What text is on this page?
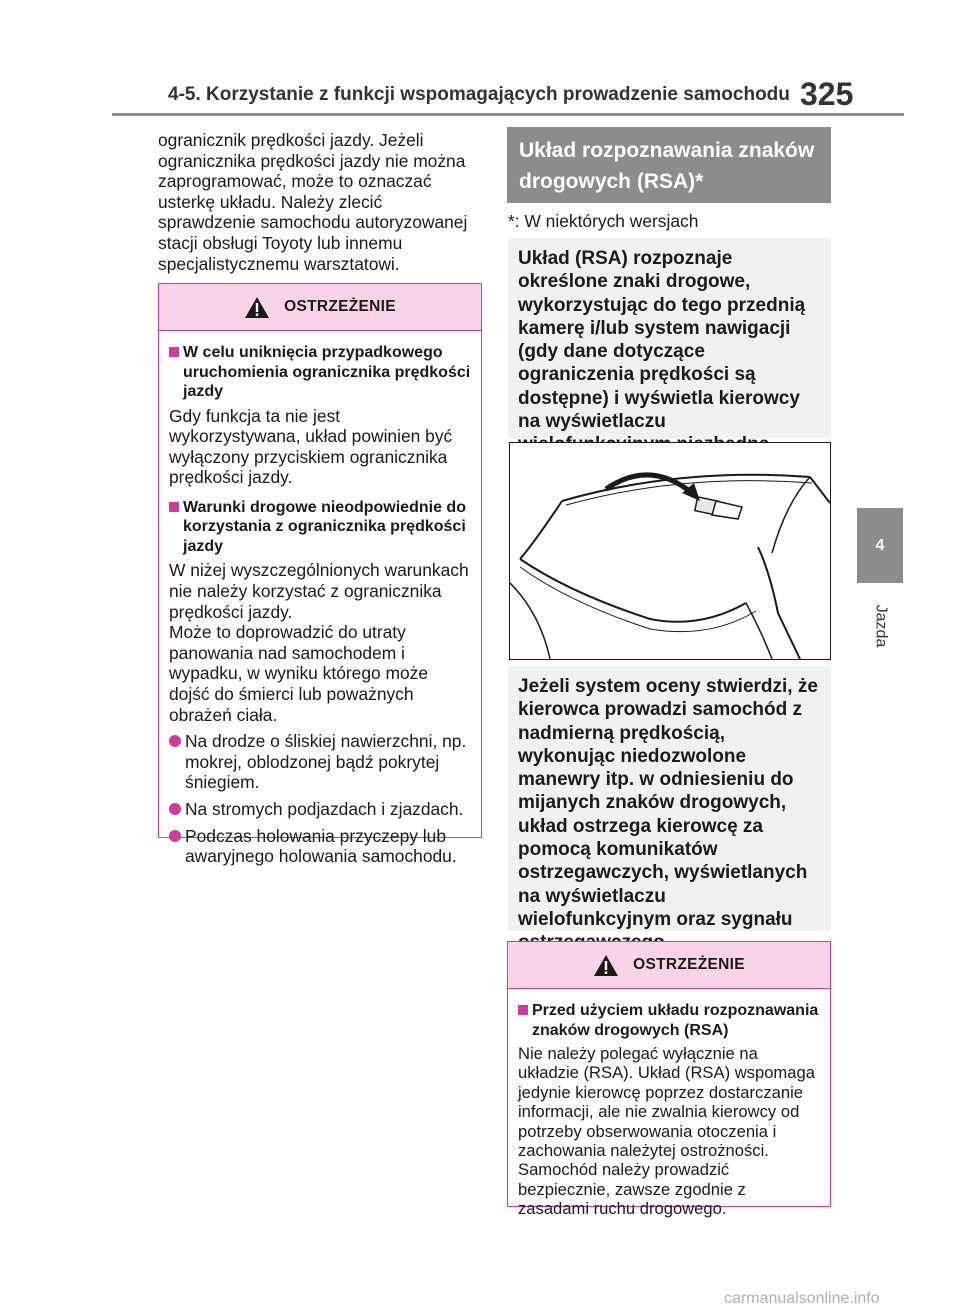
4-5. Korzystanie z funkcji wspomagających prowadzenie samochodu 325
4
Jazda
ogranicznik prędkości jazdy. Jeżeli ogranicznika prędkości jazdy nie można zaprogramować, może to oznaczać usterkę układu. Należy zlecić sprawdzenie samochodu autoryzowanej stacji obsługi Toyoty lub innemu specjalistycznemu warsztatowi.
OSTRZEŻENIE
W celu uniknięcia przypadkowego uruchomienia ogranicznika prędkości jazdy
Gdy funkcja ta nie jest wykorzystywana, układ powinien być wyłączony przyciskiem ogranicznika prędkości jazdy.
Warunki drogowe nieodpowiednie do korzystania z ogranicznika prędkości jazdy
W niżej wyszczególnionych warunkach nie należy korzystać z ogranicznika prędkości jazdy.
Może to doprowadzić do utraty panowania nad samochodem i wypadku, w wyniku którego może dojść do śmierci lub poważnych obrażeń ciała.
Na drodze o śliskiej nawierzchni, np. mokrej, oblodzonej bądź pokrytej śniegiem.
Na stromych podjazdach i zjazdach.
Podczas holowania przyczepy lub awaryjnego holowania samochodu.
Układ rozpoznawania znaków drogowych (RSA)*
*: W niektórych wersjach
Układ (RSA) rozpoznaje określone znaki drogowe, wykorzystując do tego przednią kamerę i/lub system nawigacji (gdy dane dotyczące ograniczenia prędkości są dostępne) i wyświetla kierowcy na wyświetlaczu
Jeżeli system oceny stwierdzi, że kierowca prowadzi samochód z nadmierną prędkością, wykonując niedozwolone manewry itp. w odniesieniu do mijanych znaków drogowych, układ ostrzega kierowcę za pomocą komunikatów ostrzegawczych, wyświetlanych na wyświetlaczu wielofunkcyjnym oraz sygnału
OSTRZEŻENIE
Przed użyciem układu rozpoznawania znaków drogowych (RSA)
Nie należy polegać wyłącznie na układzie (RSA). Układ (RSA) wspomaga jedynie kierowcę poprzez dostarczanie informacji, ale nie zwalnia kierowcy od potrzeby obserwowania otoczenia i zachowania należytej ostrożności. Samochód należy prowadzić bezpiecznie, zawsze zgodnie z zasadami ruchu drogowego.
carmanualsonline.info
